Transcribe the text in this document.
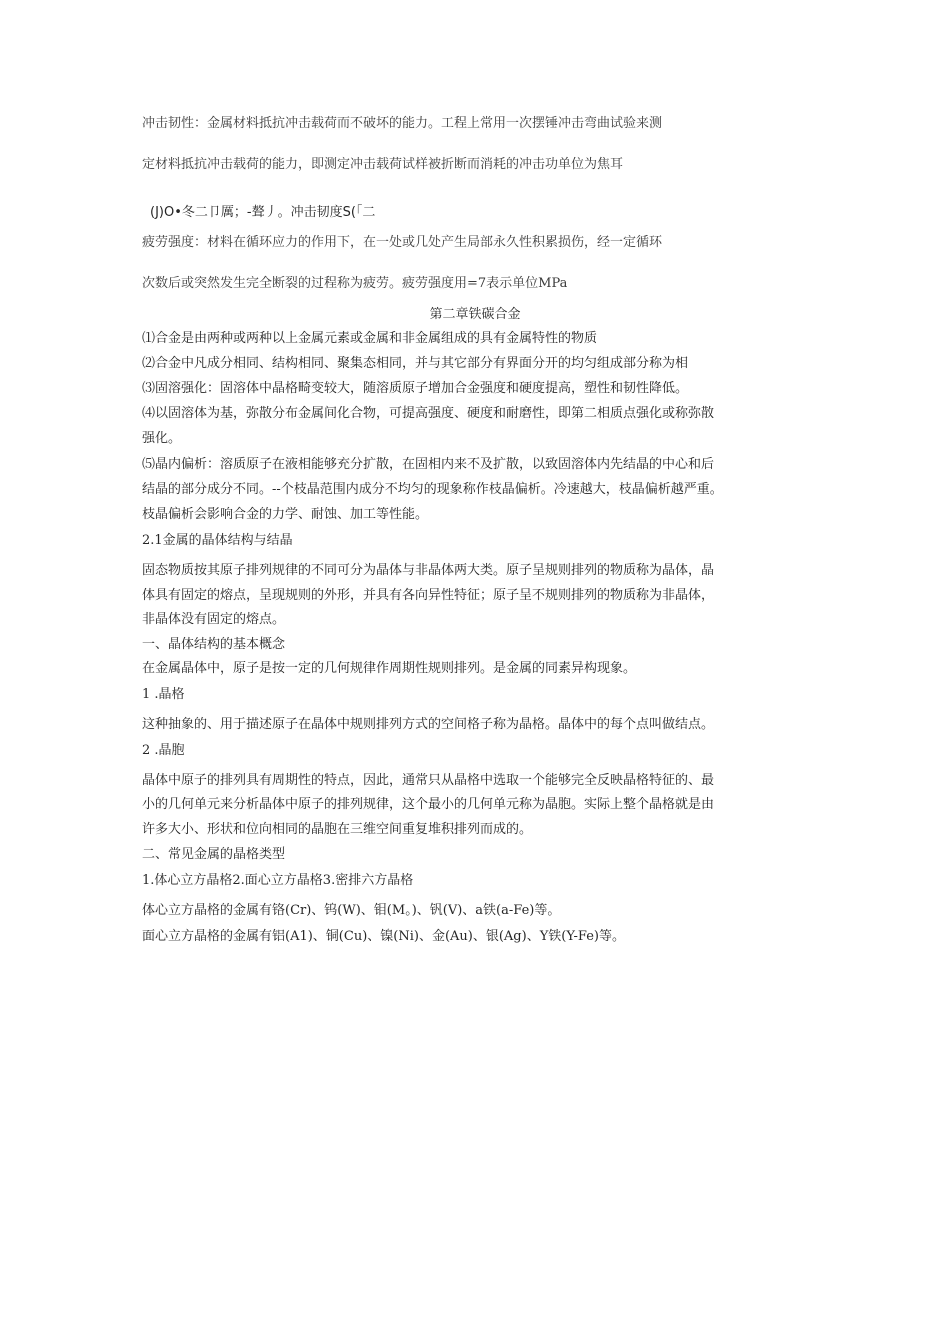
冲击韧性：金属材料抵抗冲击载荷而不破坏的能力。工程上常用一次摆锤冲击弯曲试验来测
定材料抵抗冲击载荷的能力，即测定冲击载荷试样被折断而消耗的冲击功单位为焦耳
(J)O•冬二卩厲；-聱丿。冲击韧度S(「二
疲劳强度：材料在循环应力的作用下，在一处或几处产生局部永久性积累损伤，经一定循环
次数后或突然发生完全断裂的过程称为疲劳。疲劳强度用=7表示单位MPa
第二章铁碳合金
⑴合金是由两种或两种以上金属元素或金属和非金属组成的具有金属特性的物质
⑵合金中凡成分相同、结构相同、聚集态相同，并与其它部分有界面分开的均匀组成部分称为相
⑶固溶强化：固溶体中晶格畸变较大，随溶质原子增加合金强度和硬度提高，塑性和韧性降低。
⑷以固溶体为基，弥散分布金属间化合物，可提高强度、硬度和耐磨性，即第二相质点强化或称弥散
强化。
⑸晶内偏析：溶质原子在液相能够充分扩散，在固相内来不及扩散，以致固溶体内先结晶的中心和后
结晶的部分成分不同。--个枝晶范围内成分不均匀的现象称作枝晶偏析。冷速越大，枝晶偏析越严重。
枝晶偏析会影响合金的力学、耐蚀、加工等性能。
2.1金属的晶体结构与结晶
固态物质按其原子排列规律的不同可分为晶体与非晶体两大类。原子呈规则排列的物质称为晶体，晶
体具有固定的熔点，呈现规则的外形，并具有各向异性特征；原子呈不规则排列的物质称为非晶体，
非晶体没有固定的熔点。
一、晶体结构的基本概念
在金属晶体中，原子是按一定的几何规律作周期性规则排列。是金属的同素异构现象。
1 .晶格
这种抽象的、用于描述原子在晶体中规则排列方式的空间格子称为晶格。晶体中的每个点叫做结点。
2 .晶胞
晶体中原子的排列具有周期性的特点，因此，通常只从晶格中选取一个能够完全反映晶格特征的、最
小的几何单元来分析晶体中原子的排列规律，这个最小的几何单元称为晶胞。实际上整个晶格就是由
许多大小、形状和位向相同的晶胞在三维空间重复堆积排列而成的。
二、常见金属的晶格类型
1.体心立方晶格2.面心立方晶格3.密排六方晶格
体心立方晶格的金属有铬(Cr)、钨(W)、钼(M。)、钒(V)、a铁(a-Fe)等。
面心立方晶格的金属有铝(A1)、铜(Cu)、镍(Ni)、金(Au)、银(Ag)、Y铁(Y-Fe)等。
